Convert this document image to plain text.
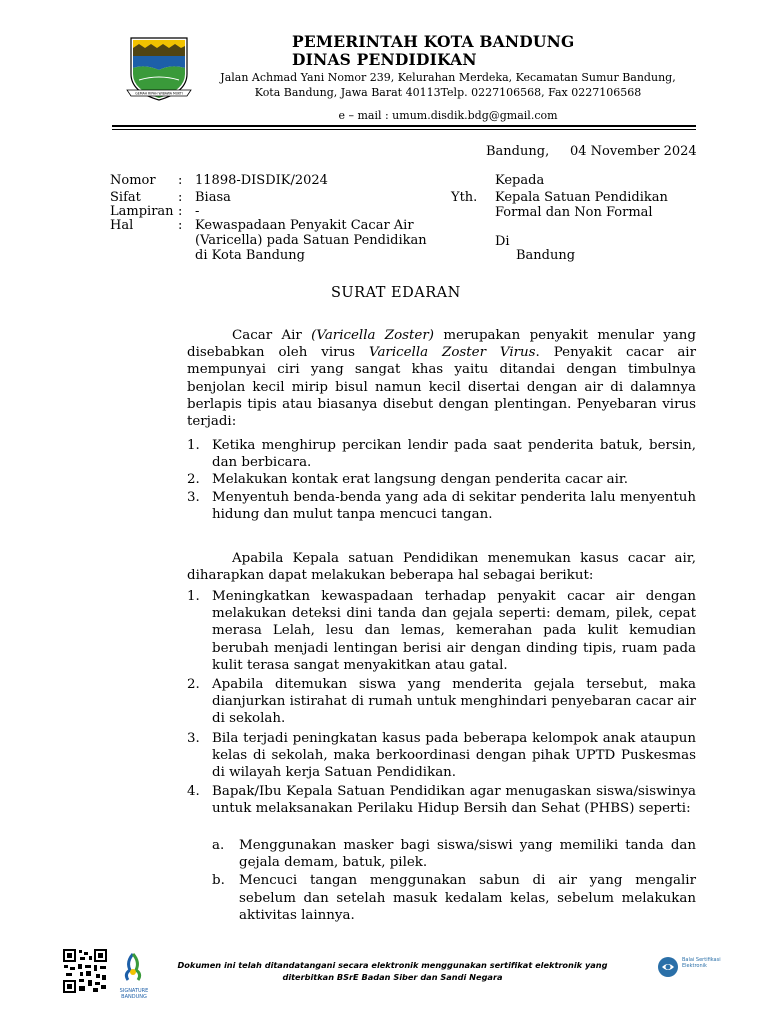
GEMAH RIPAH WIBAWA MUKTI
PEMERINTAH KOTA BANDUNG
DINAS PENDIDIKAN
Jalan Achmad Yani Nomor 239, Kelurahan Merdeka, Kecamatan Sumur Bandung, Kota Bandung, Jawa Barat 40113Telp. 0227106568, Fax 0227106568
e – mail : umum.disdik.bdg@gmail.com
Bandung, 04 November 2024
Nomor : 11898-DISDIK/2024
Sifat	: Biasa
Lampiran : -
Hal	: Kewaspadaan Penyakit Cacar Air
(Varicella) pada Satuan Pendidikan
di Kota Bandung
Kepada
Yth. Kepala Satuan Pendidikan
Formal dan Non Formal
Di
Bandung
SURAT EDARAN
Cacar Air (Varicella Zoster) merupakan penyakit menular yang disebabkan oleh virus Varicella Zoster Virus. Penyakit cacar air mempunyai ciri yang sangat khas yaitu ditandai dengan timbulnya benjolan kecil mirip bisul namun kecil disertai dengan air di dalamnya berlapis tipis atau biasanya disebut dengan plentingan. Penyebaran virus terjadi:
1. Ketika menghirup percikan lendir pada saat penderita batuk, bersin, dan berbicara.
2. Melakukan kontak erat langsung dengan penderita cacar air.
3. Menyentuh benda-benda yang ada di sekitar penderita lalu menyentuh hidung dan mulut tanpa mencuci tangan.
Apabila Kepala satuan Pendidikan menemukan kasus cacar air, diharapkan dapat melakukan beberapa hal sebagai berikut:
1. Meningkatkan kewaspadaan terhadap penyakit cacar air dengan melakukan deteksi dini tanda dan gejala seperti: demam, pilek, cepat merasa Lelah, lesu dan lemas, kemerahan pada kulit kemudian berubah menjadi lentingan berisi air dengan dinding tipis, ruam pada kulit terasa sangat menyakitkan atau gatal.
2. Apabila ditemukan siswa yang menderita gejala tersebut, maka dianjurkan istirahat di rumah untuk menghindari penyebaran cacar air di sekolah.
3. Bila terjadi peningkatan kasus pada beberapa kelompok anak ataupun kelas di sekolah, maka berkoordinasi dengan pihak UPTD Puskesmas di wilayah kerja Satuan Pendidikan.
4. Bapak/Ibu Kepala Satuan Pendidikan agar menugaskan siswa/siswinya untuk melaksanakan Perilaku Hidup Bersih dan Sehat (PHBS) seperti:
a.	Menggunakan masker bagi siswa/siswi yang memiliki tanda dan gejala demam, batuk, pilek.
b.	Mencuci tangan menggunakan sabun di air yang mengalir sebelum dan setelah masuk kedalam kelas, sebelum melakukan aktivitas lainnya.
SIGNATURE BANDUNG
Dokumen ini telah ditandatangani secara elektronik menggunakan sertifikat elektronik yang diterbitkan BSrE Badan Siber dan Sandi Negara
Balai Sertifikasi Elektronik
